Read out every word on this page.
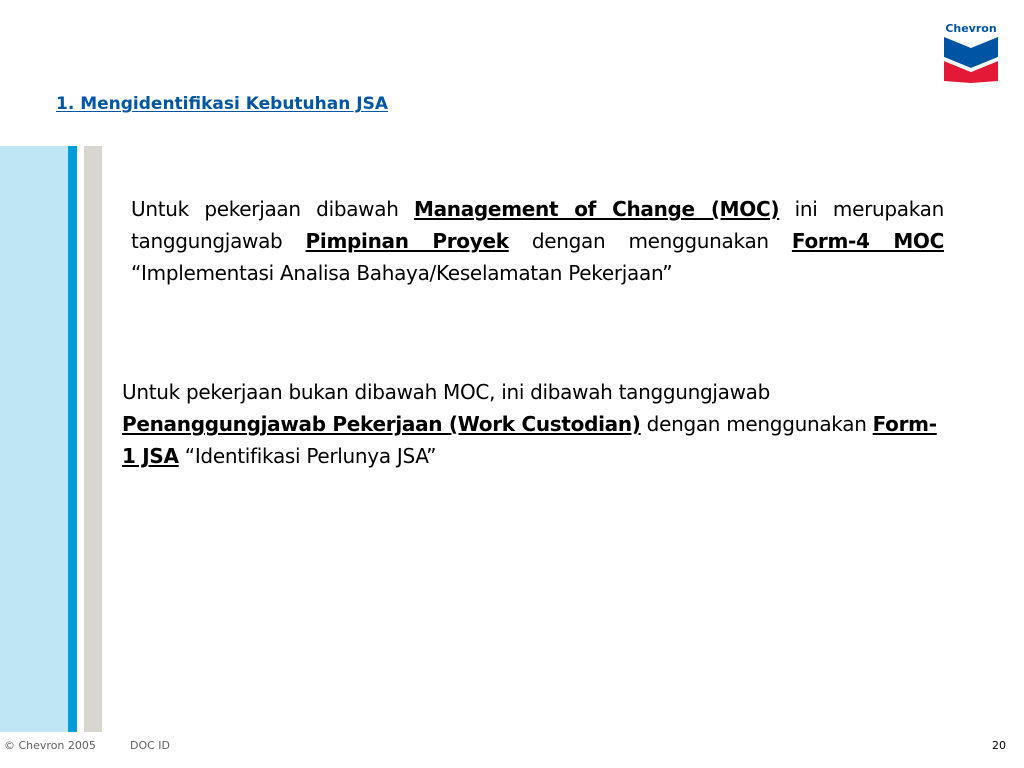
Chevron
1. Mengidentifikasi Kebutuhan JSA
Untuk pekerjaan dibawah Management of Change (MOC) ini merupakan tanggungjawab Pimpinan Proyek dengan menggunakan Form-4 MOC “Implementasi Analisa Bahaya/Keselamatan Pekerjaan”
Untuk pekerjaan bukan dibawah MOC, ini dibawah tanggungjawab Penanggungjawab Pekerjaan (Work Custodian) dengan menggunakan Form-1 JSA “Identifikasi Perlunya JSA”
© Chevron 2005	DOC ID	20
